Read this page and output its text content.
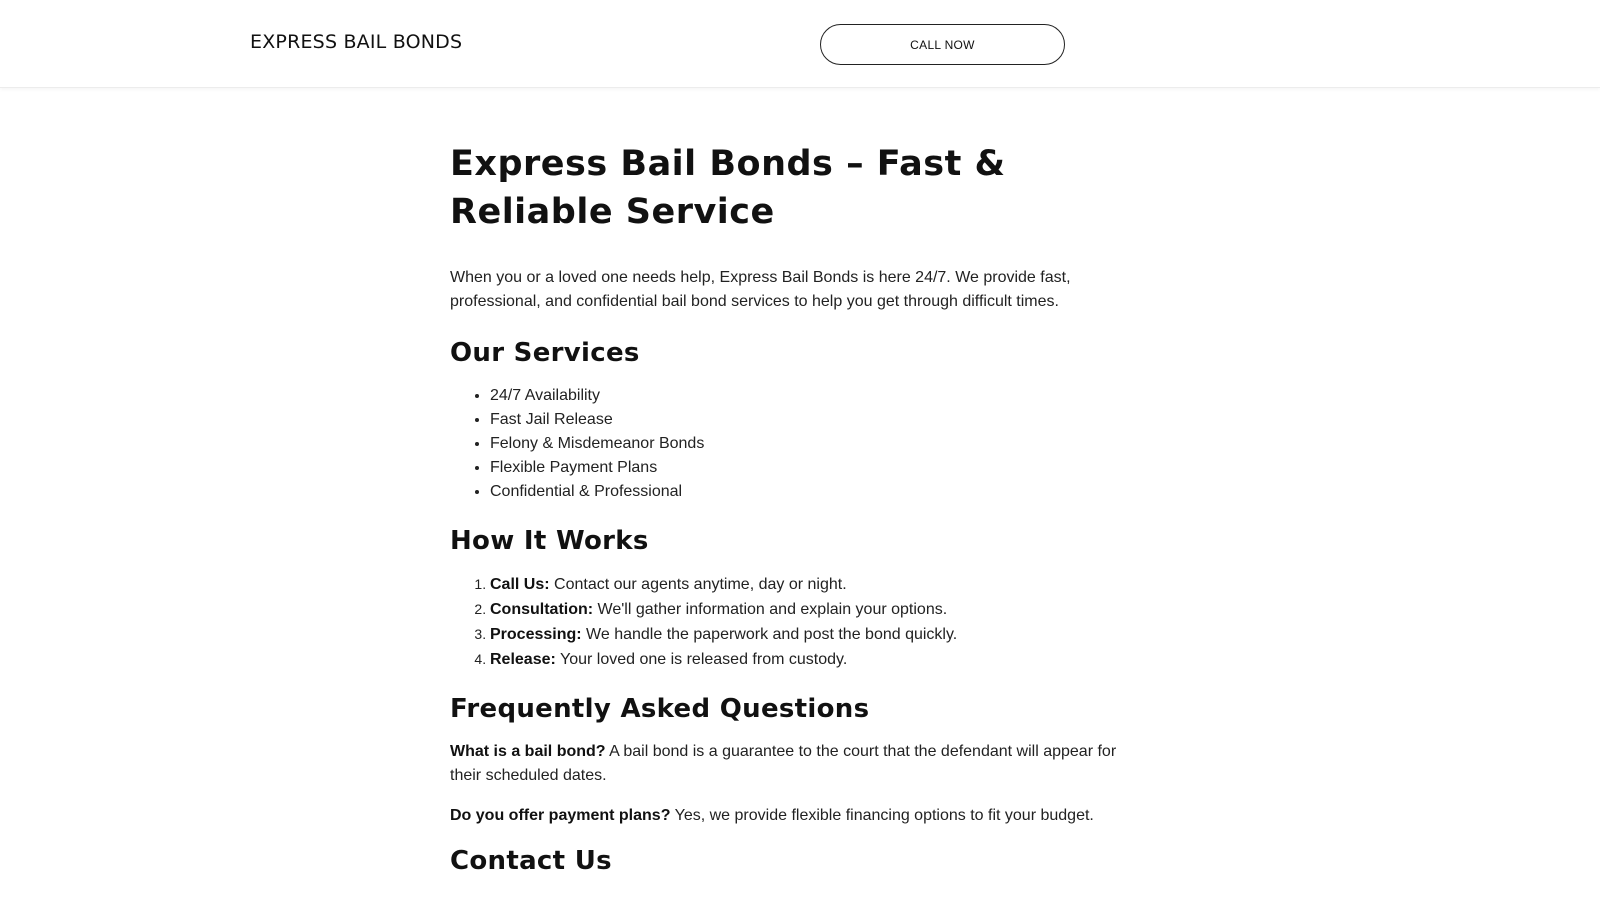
EXPRESS BAIL BONDS	CALL NOW
Express Bail Bonds – Fast & Reliable Service

When you or a loved one needs help, Express Bail Bonds is here 24/7. We provide fast, professional, and confidential bail bond services to help you get through difficult times.

Our Services
• 24/7 Availability
• Fast Jail Release
• Felony & Misdemeanor Bonds
• Flexible Payment Plans
• Confidential & Professional
How It Works
1. Call Us: Contact our agents anytime, day or night.
2. Consultation: We'll gather information and explain your options.
3. Processing: We handle the paperwork and post the bond quickly.
4. Release: Your loved one is released from custody.
Frequently Asked Questions

What is a bail bond? A bail bond is a guarantee to the court that the defendant will appear for their scheduled dates.

Do you offer payment plans? Yes, we provide flexible financing options to fit your budget.

Contact Us
